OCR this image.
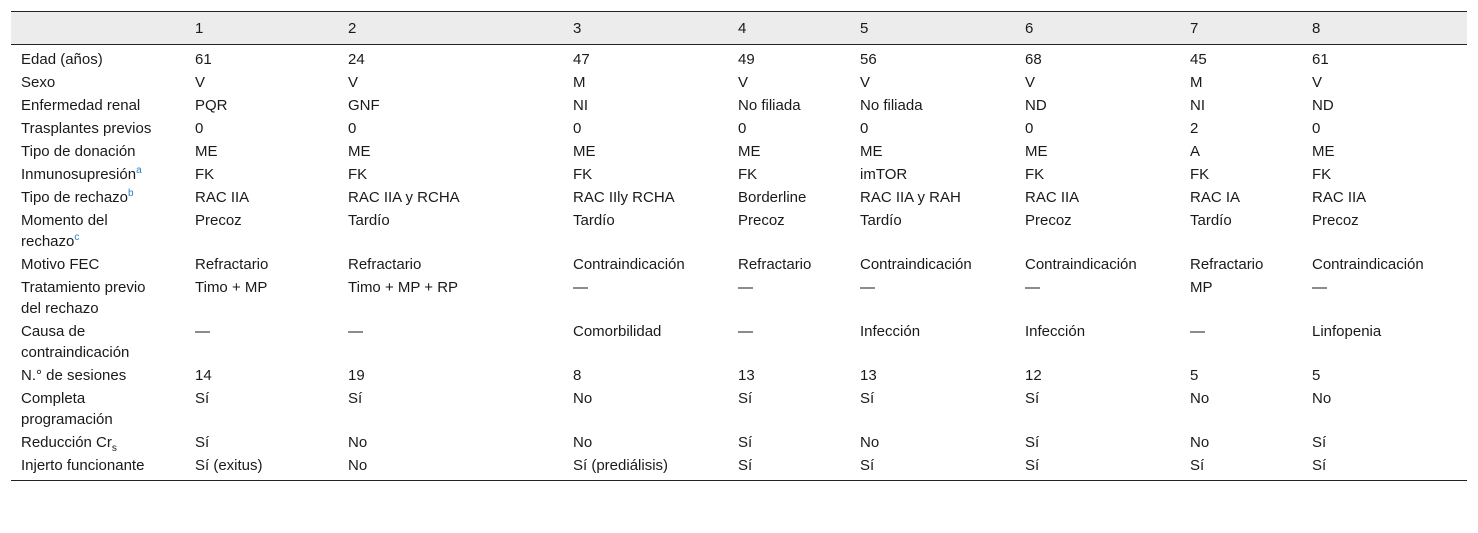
	1	2	3	4	5	6	7	8
Edad (años)	61	24	47	49	56	68	45	61
Sexo	V	V	M	V	V	V	M	V
Enfermedad renal	PQR	GNF	NI	No filiada	No filiada	ND	NI	ND
Trasplantes previos	0	0	0	0	0	0	2	0
Tipo de donación	ME	ME	ME	ME	ME	ME	A	ME
Inmunosupresión$^a$	FK	FK	FK	FK	imTOR	FK	FK	FK
Tipo de rechazo$^b$	RAC IIA	RAC IIA y RCHA	RAC IIly RCHA	Borderline	RAC IIA y RAH	RAC IIA	RAC IA	RAC IIA
Momento del rechazo$^c$	Precoz	Tardío	Tardío	Precoz	Tardío	Precoz	Tardío	Precoz
Motivo FEC	Refractario	Refractario	Contraindicación	Refractario	Contraindicación	Contraindicación	Refractario	Contraindicación
Tratamiento previo del rechazo	Timo + MP	Timo + MP + RP	—	—	—	—	MP	—
Causa de contraindicación	—	—	Comorbilidad	—	Infección	Infección	—	Linfopenia
N.° de sesiones	14	19	8	13	13	12	5	5
Completa programación	Sí	Sí	No	Sí	Sí	Sí	No	No
Reducción $Cr_s$	Sí	No	No	Sí	No	Sí	No	Sí
Injerto funcionante	Sí (exitus)	No	Sí (prediálisis)	Sí	Sí	Sí	Sí	Sí
